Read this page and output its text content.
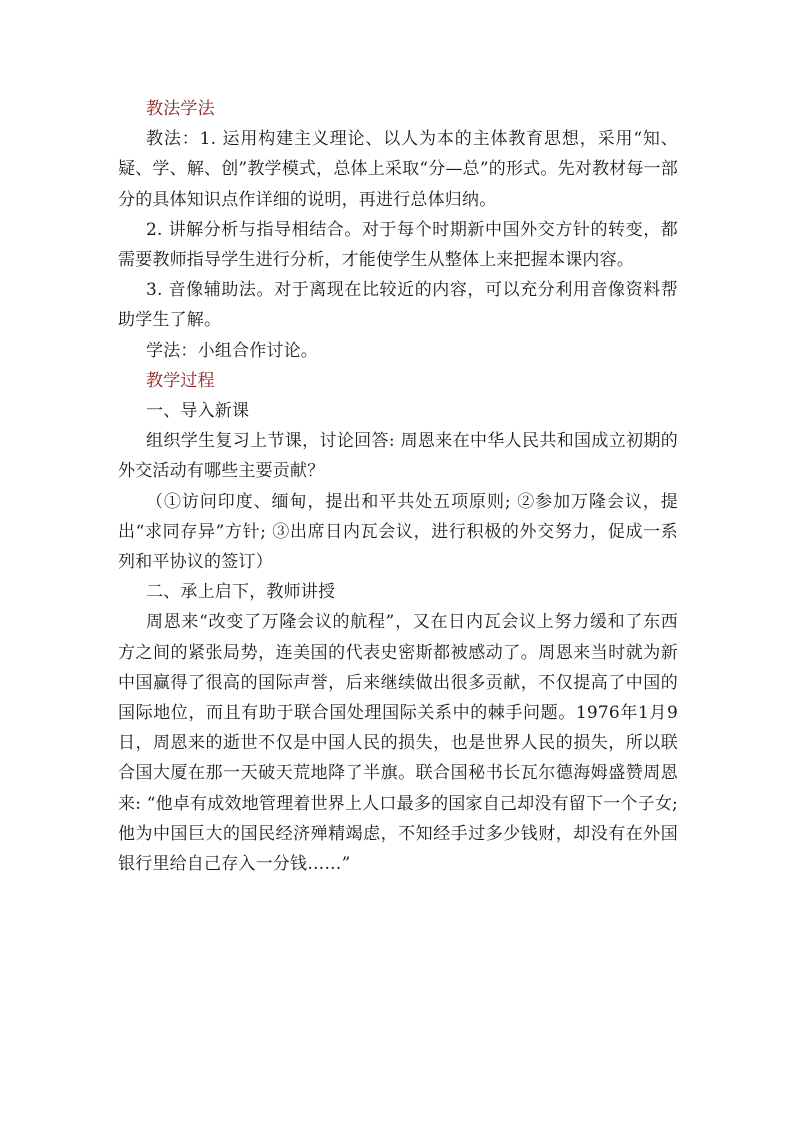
教法学法

教法：1. 运用构建主义理论、以人为本的主体教育思想，采用“知、疑、学、解、创”教学模式，总体上采取“分—总”的形式。先对教材每一部分的具体知识点作详细的说明，再进行总体归纳。

2. 讲解分析与指导相结合。对于每个时期新中国外交方针的转变，都需要教师指导学生进行分析，才能使学生从整体上来把握本课内容。

3. 音像辅助法。对于离现在比较近的内容，可以充分利用音像资料帮助学生了解。

学法：小组合作讨论。

教学过程

一、导入新课

组织学生复习上节课，讨论回答: 周恩来在中华人民共和国成立初期的外交活动有哪些主要贡献？

（①访问印度、缅甸，提出和平共处五项原则; ②参加万隆会议，提出“求同存异”方针; ③出席日内瓦会议，进行积极的外交努力，促成一系列和平协议的签订）

二、承上启下，教师讲授

周恩来“改变了万隆会议的航程”，又在日内瓦会议上努力缓和了东西方之间的紧张局势，连美国的代表史密斯都被感动了。周恩来当时就为新中国赢得了很高的国际声誉，后来继续做出很多贡献，不仅提高了中国的国际地位，而且有助于联合国处理国际关系中的棘手问题。1976年1月9日，周恩来的逝世不仅是中国人民的损失，也是世界人民的损失，所以联合国大厦在那一天破天荒地降了半旗。联合国秘书长瓦尔德海姆盛赞周恩来: “他卓有成效地管理着世界上人口最多的国家自己却没有留下一个子女; 他为中国巨大的国民经济殚精竭虑，不知经手过多少钱财，却没有在外国银行里给自己存入一分钱……”
